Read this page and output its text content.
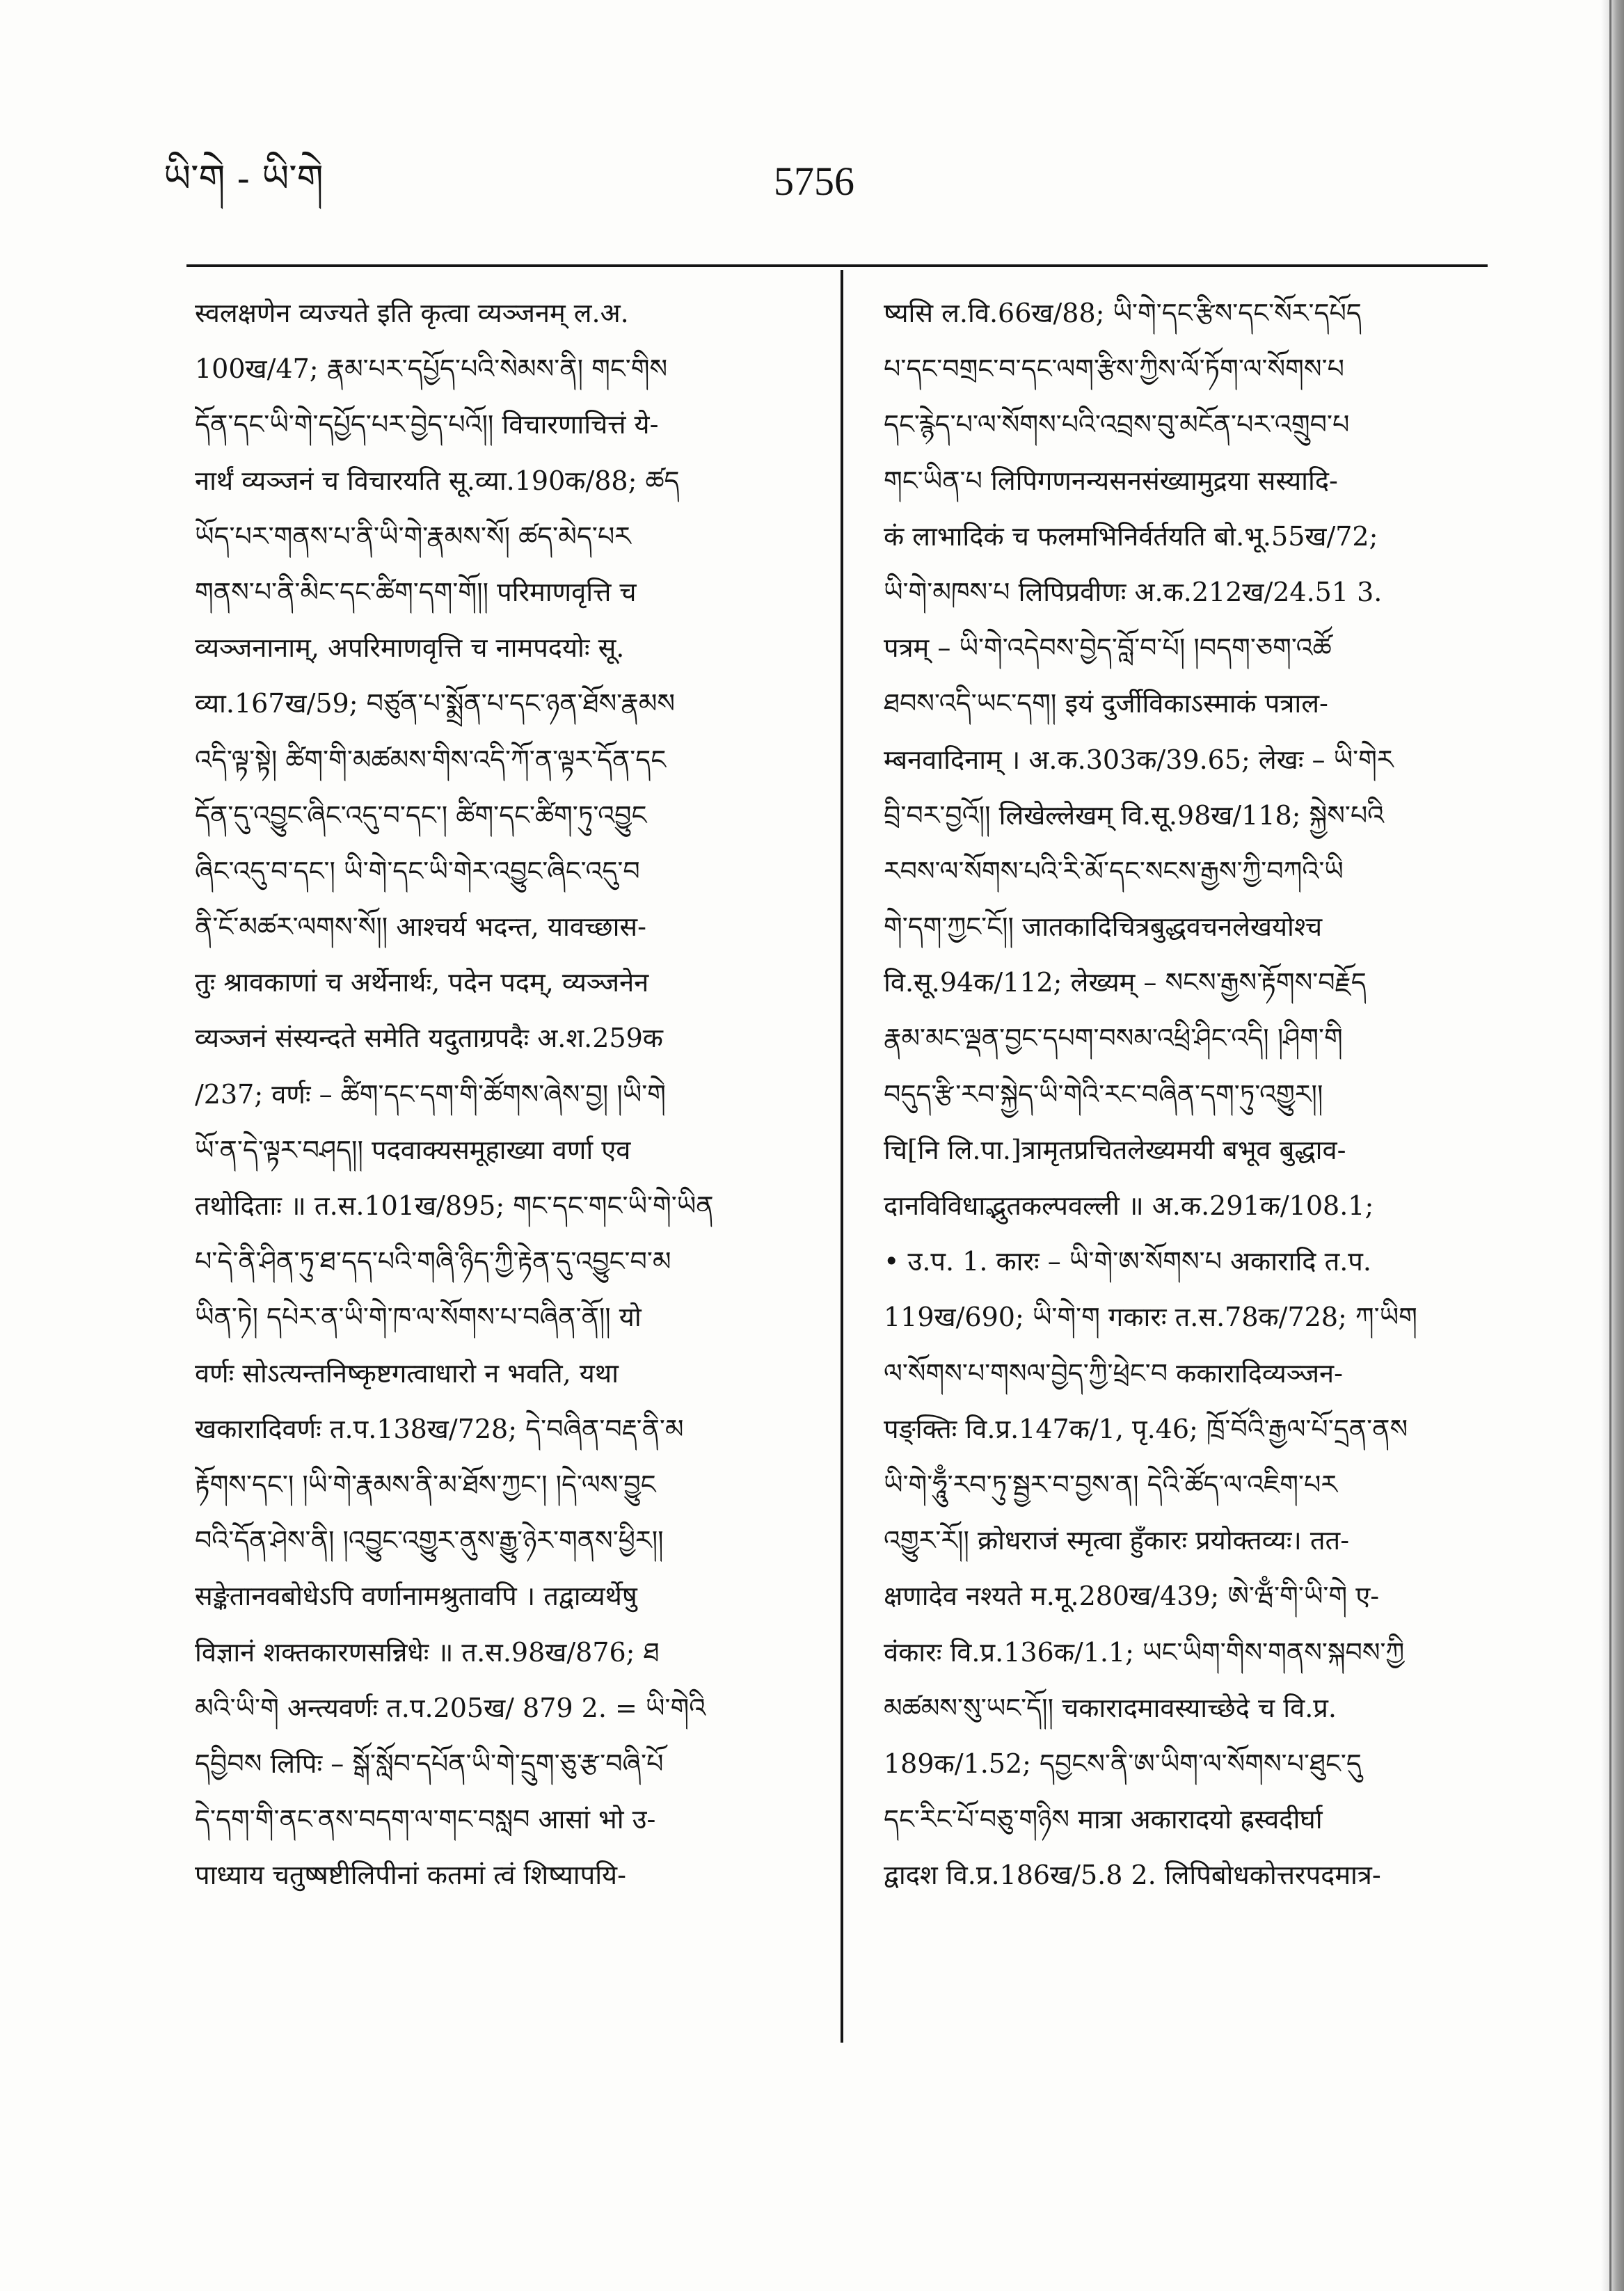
ཡི་གེ - ཡི་གེ	5756
स्वलक्षणेन व्यज्यते इति कृत्वा व्यञ्जनम् ल.अ.
100ख/47; རྣམ་པར་དཔྱོད་པའི་སེམས་ནི། གང་གིས
དོན་དང་ཡི་གེ་དཔྱོད་པར་བྱེད་པའོ།། विचारणाचित्तं ये-
नार्थं व्यञ्जनं च विचारयति सू.व्या.190क/88; ཚད
ཡོད་པར་གནས་པ་ནི་ཡི་གེ་རྣམས་སོ། ཚད་མེད་པར
གནས་པ་ནི་མིང་དང་ཚིག་དག་གོ།། परिमाणवृत्ति च
व्यञ्जनानाम्, अपरिमाणवृत्ति च नामपदयोः सू.
व्या.167ख/59; བཙུན་པ་སྨྲོན་པ་དང་ཉན་ཐོས་རྣམས
འདི་ལྟ་སྟེ། ཚིག་གི་མཚམས་གིས་འདི་ཀོ་ན་ལྟར་དོན་དང
དོན་དུ་འབྱུང་ཞིང་འདུ་བ་དང་། ཚིག་དང་ཚིག་ཏུ་འབྱུང
ཞིང་འདུ་བ་དང་། ཡི་གེ་དང་ཡི་གེར་འབྱུང་ཞིང་འདུ་བ
ནི་ངོ་མཚར་ལགས་སོ།། आश्चर्य भदन्त, यावच्छास-
तुः श्रावकाणां च अर्थेनार्थः, पदेन पदम्, व्यञ्जनेन
व्यञ्जनं संस्यन्दते समेति यदुताग्रपदैः अ.श.259क
/237; वर्णः – ཚིག་དང་དག་གི་ཚོགས་ཞེས་བྱ། །ཡི་གེ
ཡོ་ན་དེ་ལྟར་བཤད།། पदवाक्यसमूहाख्या वर्णा एव
तथोदिताः ॥ त.स.101ख/895; གང་དང་གང་ཡི་གེ་ཡིན
པ་དེ་ནི་ཤིན་ཏུ་ཐ་དད་པའི་གཞི་ཉིད་ཀྱི་རྟེན་དུ་འབྱུང་བ་མ
ཡིན་ཏེ། དཔེར་ན་ཡི་གེ་ཁ་ལ་སོགས་པ་བཞིན་ནོ།། यो
वर्णः सोऽत्यन्तनिष्कृष्टगत्वाधारो न भवति, यथा
खकारादिवर्णः त.प.138ख/728; དེ་བཞིན་བརྡ་ནི་མ
རྟོགས་དང་། །ཡི་གེ་རྣམས་ནི་མ་ཐོས་ཀྱང་། །དེ་ལས་བྱུང
བའི་དོན་ཤེས་ནི། །འབྱུང་འགྱུར་ནུས་རྒྱུ་ཉེར་གནས་ཕྱིར།།
सङ्केतानवबोधेऽपि वर्णानामश्रुतावपि । तद्वाव्यर्थेषु
विज्ञानं शक्तकारणसन्निधेः ॥ त.स.98ख/876; ཐ
མའི་ཡི་གེ अन्त्यवर्णः त.प.205ख/ 879 2. = ཡི་གེའི
དབྱིབས लिपिः – སྒོ་སློབ་དཔོན་ཡི་གེ་དྲུག་ཅུ་རྩ་བཞི་པོ
དེ་དག་གི་ནང་ནས་བདག་ལ་གང་བསླབ आसां भो उ-
पाध्याय चतुष्षष्टीलिपीनां कतमां त्वं शिष्यापयि-
ष्यसि ल.वि.66ख/88; ཡི་གེ་དང་རྩིས་དང་སོར་དཔོད
པ་དང་བགྲང་བ་དང་ལག་རྩིས་ཀྱིས་ལོ་ཏོག་ལ་སོགས་པ
དང་རྙེད་པ་ལ་སོགས་པའི་འབྲས་བུ་མངོན་པར་འགྲུབ་པ
གང་ཡིན་པ लिपिगणनन्यसनसंख्यामुद्रया सस्यादि-
कं लाभादिकं च फलमभिनिर्वर्तयति बो.भू.55ख/72;
ཡི་གེ་མཁས་པ लिपिप्रवीणः अ.क.212ख/24.51 3.
पत्रम् – ཡི་གེ་འདེབས་བྱེད་བློ་བ་པོ། །བདག་ཅག་འཚོ
ཐབས་འདི་ཡང་དག། इयं दुर्जीविकाऽस्माकं पत्राल-
म्बनवादिनाम् । अ.क.303क/39.65; लेखः – ཡི་གེར
བྲི་བར་བྱའོ།། लिखेल्लेखम् वि.सू.98ख/118; སྐྱེས་པའི
རབས་ལ་སོགས་པའི་རི་མོ་དང་སངས་རྒྱས་ཀྱི་བཀའི་ཡི
གེ་དག་ཀྱང་ངོ།། जातकादिचित्रबुद्धवचनलेखयोश्च
वि.सू.94क/112; लेख्यम् – སངས་རྒྱས་རྟོགས་བརྗོད
རྣམ་མང་ལྡན་བྱང་དཔག་བསམ་འཕྲི་ཤིང་འདི། །ཤིག་གི
བདུད་རྩི་རབ་སྐྱེད་ཡི་གེའི་རང་བཞིན་དག་ཏུ་འགྱུར།།
चि[नि लि.पा.]त्रामृतप्रचितलेख्यमयी बभूव बुद्धाव-
दानविविधाद्भुतकल्पवल्ली ॥ अ.क.291क/108.1;
• उ.प. 1. कारः – ཡི་གེ་ཨ་སོགས་པ अकारादि त.प.
119ख/690; ཡི་གེ་ག गकारः त.स.78क/728; ཀ་ཡིག
ལ་སོགས་པ་གསལ་བྱེད་ཀྱི་ཕྲེང་བ ककारादिव्यञ्जन-
पङ्क्तिः वि.प्र.147क/1, पृ.46; ཁྲོ་བོའི་རྒྱལ་པོ་དྲན་ནས
ཡི་གེ་ཧཱུྃ་རབ་ཏུ་སྦྱར་བ་བྱས་ན། དེའི་ཚོད་ལ་འཇིག་པར
འགྱུར་རོ།། क्रोधराजं स्मृत्वा हुँकारः प्रयोक्तव्यः। तत-
क्षणादेव नश्यते म.मू.280ख/439; ཨེ་ཝྃ་གི་ཡི་གེ ए-
वंकारः वि.प्र.136क/1.1; ཡང་ཡིག་གིས་གནས་སྐབས་ཀྱི
མཚམས་སུ་ཡང་དོ།། चकारादमावस्याच्छेदे च वि.प्र.
189क/1.52; དབྱངས་ནི་ཨ་ཡིག་ལ་སོགས་པ་ཐུང་དུ
དང་རིང་པོ་བཅུ་གཉིས मात्रा अकारादयो ह्रस्वदीर्घा
द्वादश वि.प्र.186ख/5.8 2. लिपिबोधकोत्तरपदमात्र-
